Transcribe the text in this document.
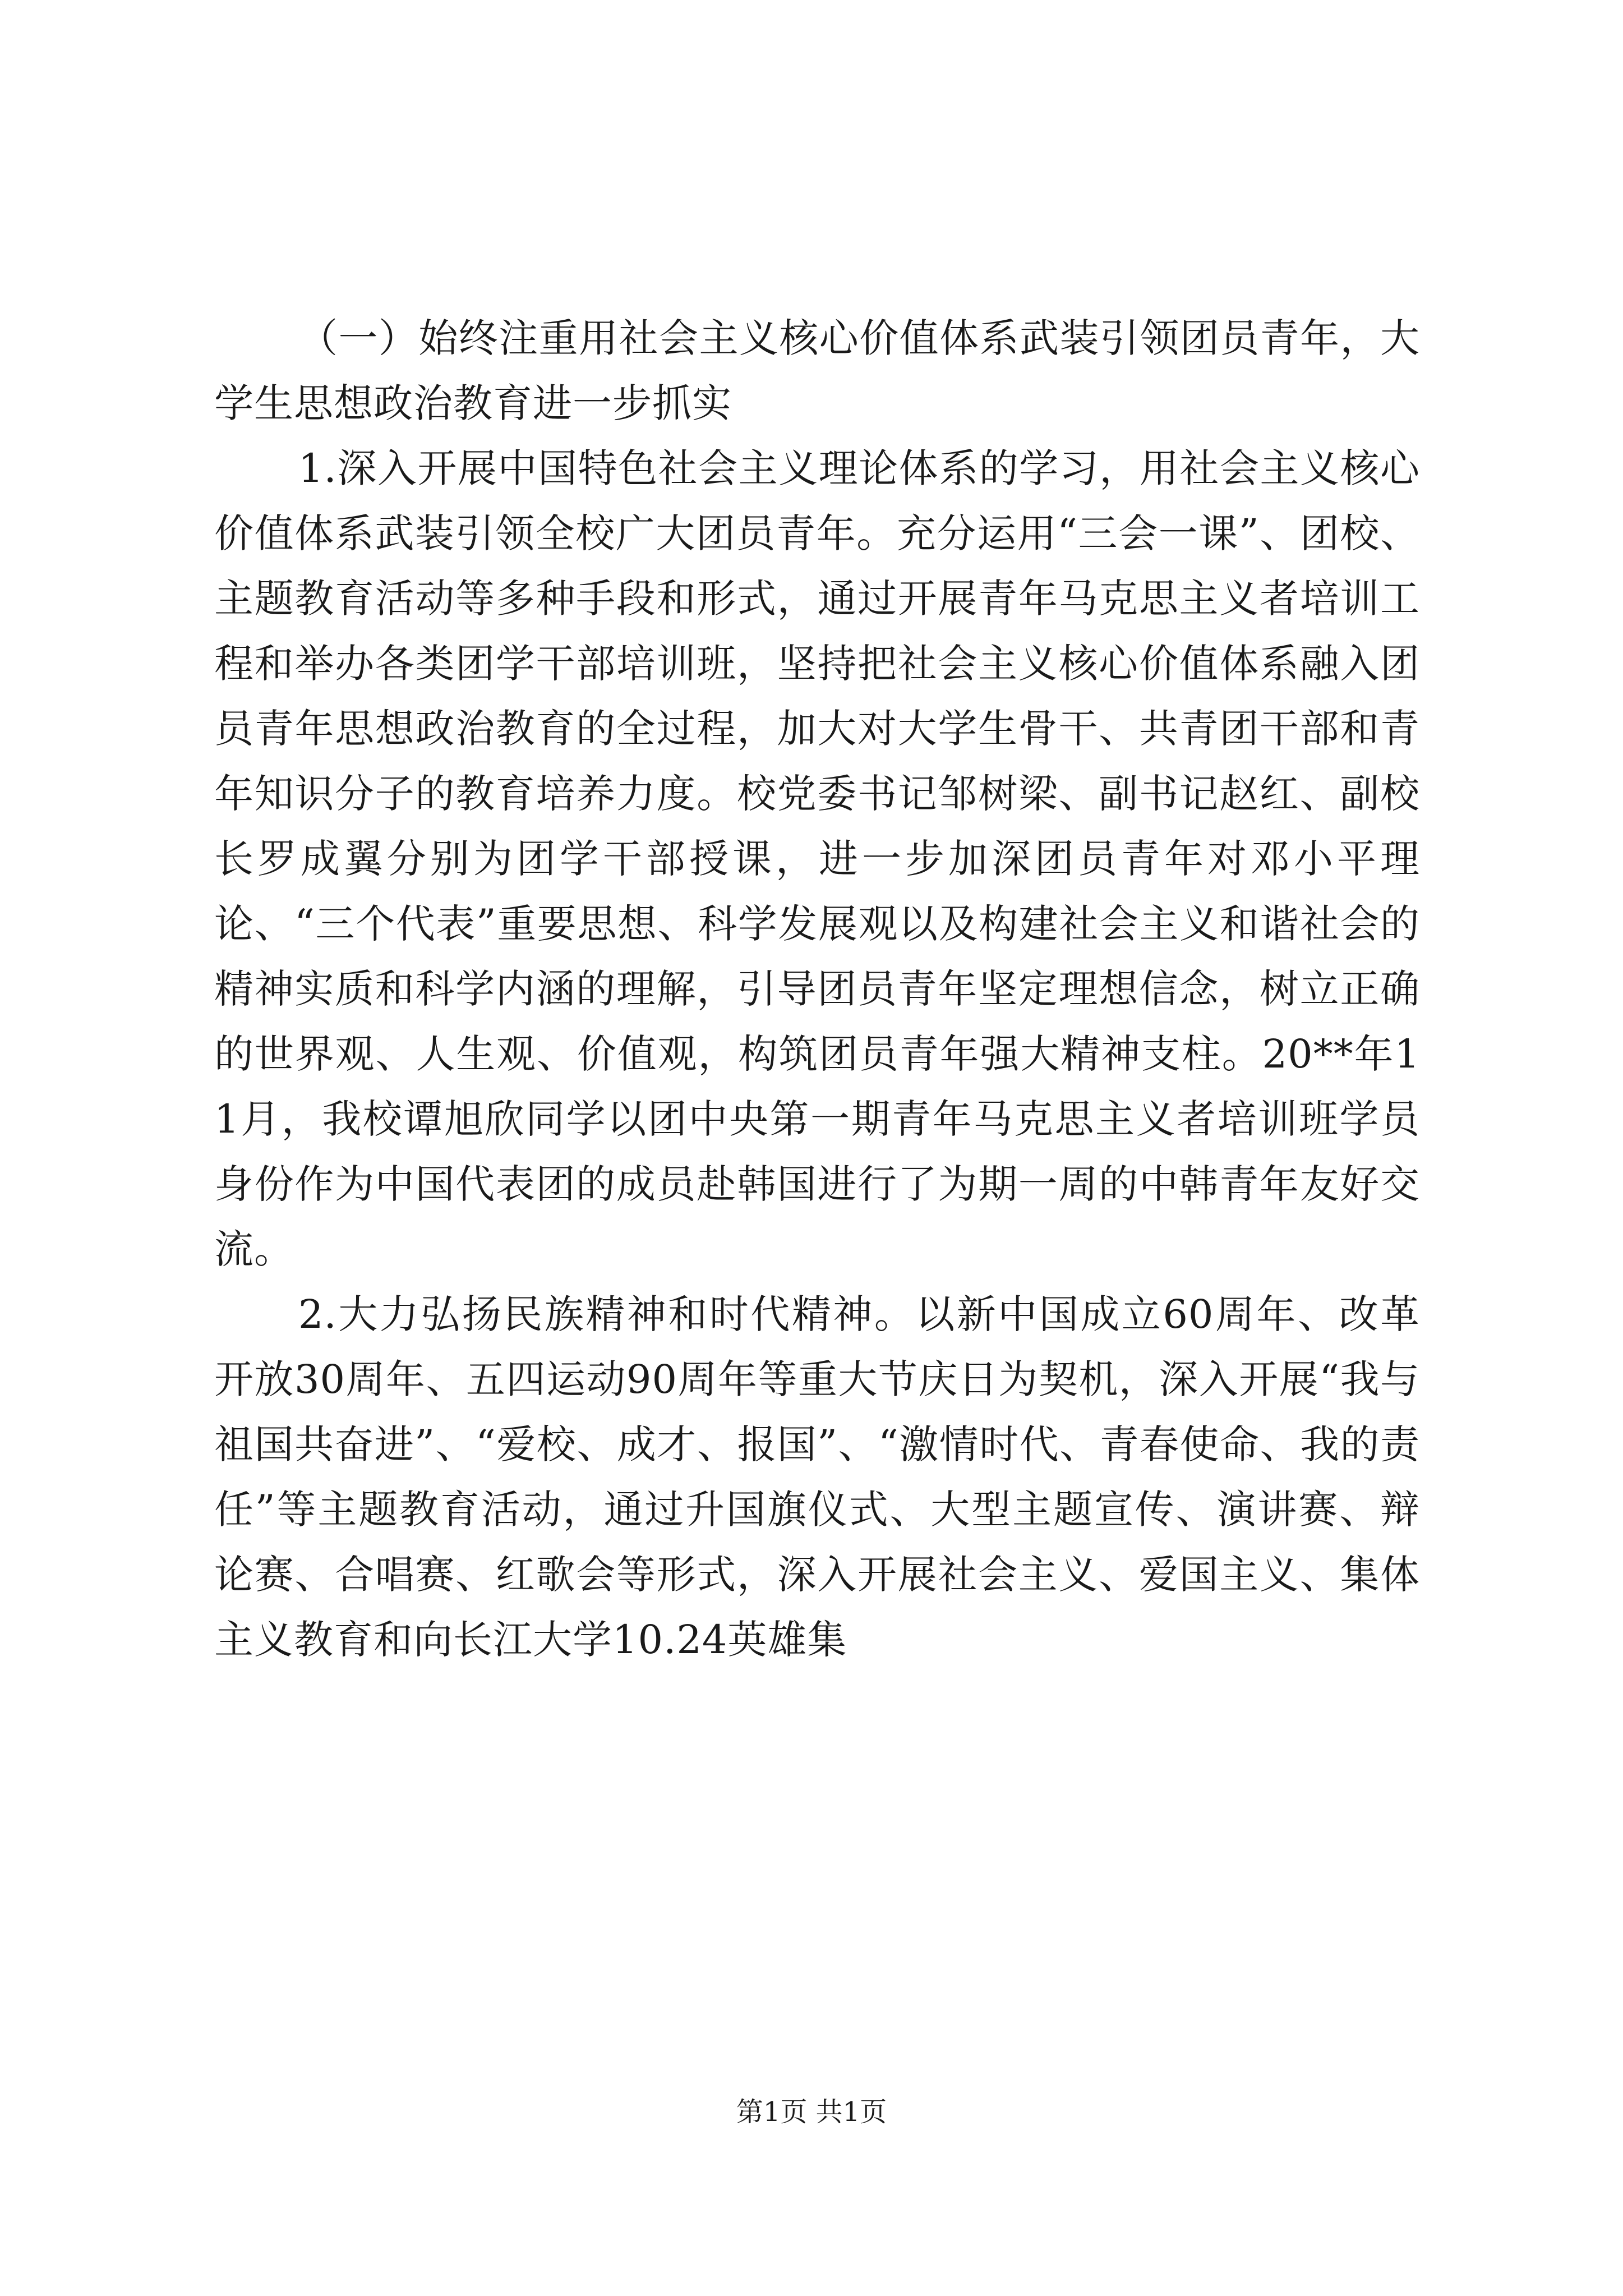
（一）始终注重用社会主义核心价值体系武装引领团员青年，大学生思想政治教育进一步抓实

1.深入开展中国特色社会主义理论体系的学习，用社会主义核心价值体系武装引领全校广大团员青年。充分运用“三会一课”、团校、主题教育活动等多种手段和形式，通过开展青年马克思主义者培训工程和举办各类团学干部培训班，坚持把社会主义核心价值体系融入团员青年思想政治教育的全过程，加大对大学生骨干、共青团干部和青年知识分子的教育培养力度。校党委书记邹树梁、副书记赵红、副校长罗成翼分别为团学干部授课，进一步加深团员青年对邓小平理论、“三个代表”重要思想、科学发展观以及构建社会主义和谐社会的精神实质和科学内涵的理解，引导团员青年坚定理想信念，树立正确的世界观、人生观、价值观，构筑团员青年强大精神支柱。20**年11月，我校谭旭欣同学以团中央第一期青年马克思主义者培训班学员身份作为中国代表团的成员赴韩国进行了为期一周的中韩青年友好交流。

2.大力弘扬民族精神和时代精神。以新中国成立60周年、改革开放30周年、五四运动90周年等重大节庆日为契机，深入开展“我与祖国共奋进”、“爱校、成才、报国”、“激情时代、青春使命、我的责任”等主题教育活动，通过升国旗仪式、大型主题宣传、演讲赛、辩论赛、合唱赛、红歌会等形式，深入开展社会主义、爱国主义、集体主义教育和向长江大学10.24英雄集

第1页 共1页
